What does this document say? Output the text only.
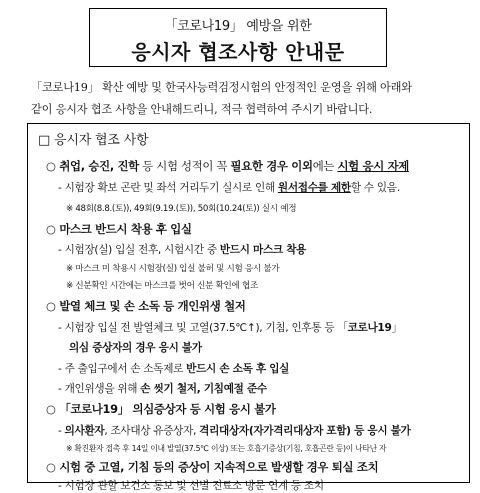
「코로나19」 예방을 위한
응시자 협조사항 안내문
「코로나19」 확산 예방 및 한국사능력검정시험의 안정적인 운영을 위해 아래와
같이 응시자 협조 사항을 안내해드리니, 적극 협력하여 주시기 바랍니다.
□ 응시자 협조 사항
○ 취업, 승진, 진학 등 시험 성적이 꼭 필요한 경우 이외에는 시험 응시 자제
- 시험장 확보 곤란 및 좌석 거리두기 실시로 인해 원서접수를 제한할 수 있음.
※ 48회(8.8.(토)), 49회(9.19.(토)), 50회(10.24(토)) 실시 예정
○ 마스크 반드시 착용 후 입실
- 시험장(실) 입실 전후, 시험시간 중 반드시 마스크 착용
※ 마스크 미 착용시 시험장(실) 입실 불허 및 시험 응시 불가
※ 신분확인 시간에는 마스크를 벗어 신분 확인에 협조
○ 발열 체크 및 손 소독 등 개인위생 철저
- 시험장 입실 전 발열체크 및 고열(37.5℃↑), 기침, 인후통 등 「코로나19」
의심 증상자의 경우 응시 불가
- 주 출입구에서 손 소독제로 반드시 손 소독 후 입실
- 개인위생을 위해 손 씻기 철저, 기침예절 준수
○ 「코로나19」 의심증상자 등 시험 응시 불가
- 의사환자, 조사대상 유증상자, 격리대상자(자가격리대상자 포함) 등 응시 불가
※ 확진환자 접촉 후 14일 이내 발열(37.5℃ 이상) 또는 호흡기증상(기침, 호흡곤란 등)이 나타난 자
○ 시험 중 고열, 기침 등의 증상이 지속적으로 발생할 경우 퇴실 조치
- 시험장 관할 보건소 통보 및 선별 진료소 방문 연계 등 조치
